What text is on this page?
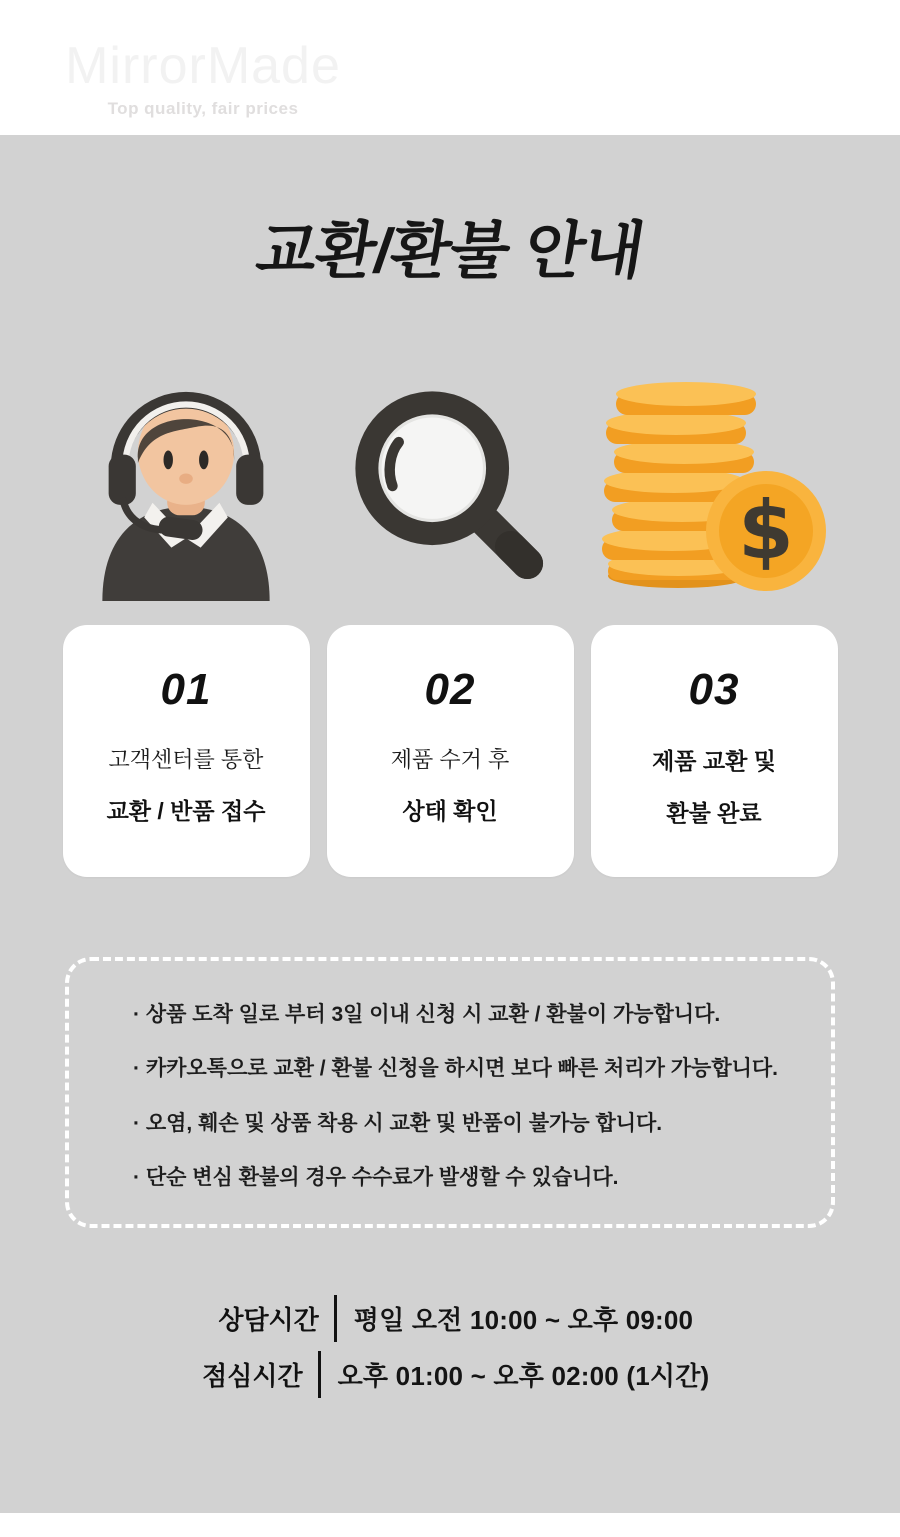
MirrorMade
Top quality, fair prices
교환/환불 안내
$
01
고객센터를 통한
교환 / 반품 접수
02
제품 수거 후
상태 확인
03
제품 교환 및
환불 완료
· 상품 도착 일로 부터 3일 이내 신청 시 교환 / 환불이 가능합니다.
· 카카오톡으로 교환 / 환불 신청을 하시면 보다 빠른 처리가 가능합니다.
· 오염, 훼손 및 상품 착용 시 교환 및 반품이 불가능 합니다.
· 단순 변심 환불의 경우 수수료가 발생할 수 있습니다.
상담시간 평일 오전 10:00 ~ 오후 09:00
점심시간 오후 01:00 ~ 오후 02:00 (1시간)
